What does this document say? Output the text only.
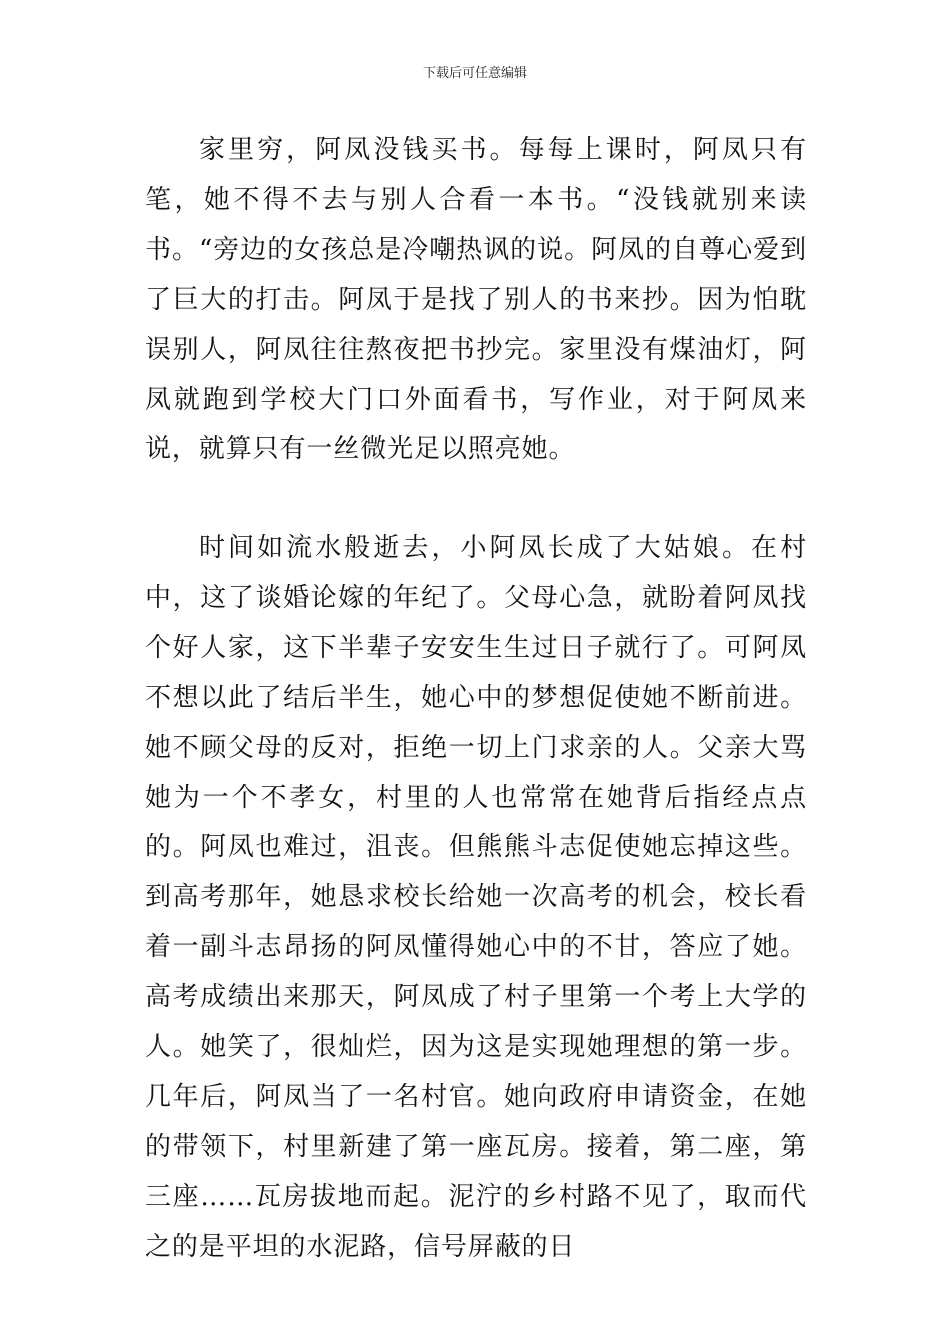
下载后可任意编辑

家里穷，阿凤没钱买书。每每上课时，阿凤只有笔，她不得不去与别人合看一本书。“没钱就别来读书。“旁边的女孩总是冷嘲热讽的说。阿凤的自尊心爱到了巨大的打击。阿凤于是找了别人的书来抄。因为怕耽误别人，阿凤往往熬夜把书抄完。家里没有煤油灯，阿凤就跑到学校大门口外面看书，写作业，对于阿凤来说，就算只有一丝微光足以照亮她。

时间如流水般逝去，小阿凤长成了大姑娘。在村中，这了谈婚论嫁的年纪了。父母心急，就盼着阿凤找个好人家，这下半辈子安安生生过日子就行了。可阿凤不想以此了结后半生，她心中的梦想促使她不断前进。她不顾父母的反对，拒绝一切上门求亲的人。父亲大骂她为一个不孝女，村里的人也常常在她背后指经点点的。阿凤也难过，沮丧。但熊熊斗志促使她忘掉这些。到高考那年，她恳求校长给她一次高考的机会，校长看着一副斗志昂扬的阿凤懂得她心中的不甘，答应了她。高考成绩出来那天，阿凤成了村子里第一个考上大学的人。她笑了，很灿烂，因为这是实现她理想的第一步。几年后，阿凤当了一名村官。她向政府申请资金，在她的带领下，村里新建了第一座瓦房。接着，第二座，第三座……瓦房拔地而起。泥泞的乡村路不见了，取而代之的是平坦的水泥路，信号屏蔽的日
